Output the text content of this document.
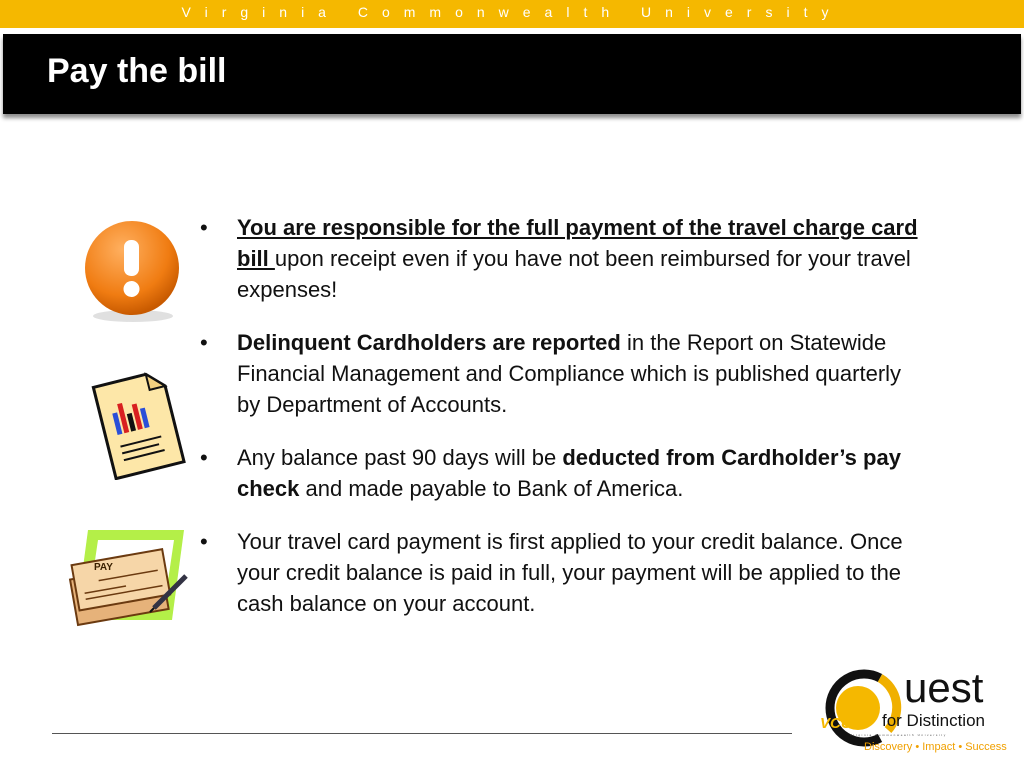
Virginia Commonwealth University
Pay the bill
PAY

• You are responsible for the full payment of the travel charge card bill upon receipt even if you have not been reimbursed for your travel expenses!

• Delinquent Cardholders are reported in the Report on Statewide Financial Management and Compliance which is published quarterly by Department of Accounts.

• Any balance past 90 days will be deducted from Cardholder’s pay check and made payable to Bank of America.

• Your travel card payment is first applied to your credit balance. Once your credit balance is paid in full, your payment will be applied to the cash balance on your account.

uest
for Distinction
VCU
Virginia Commonwealth University
Discovery • Impact • Success
